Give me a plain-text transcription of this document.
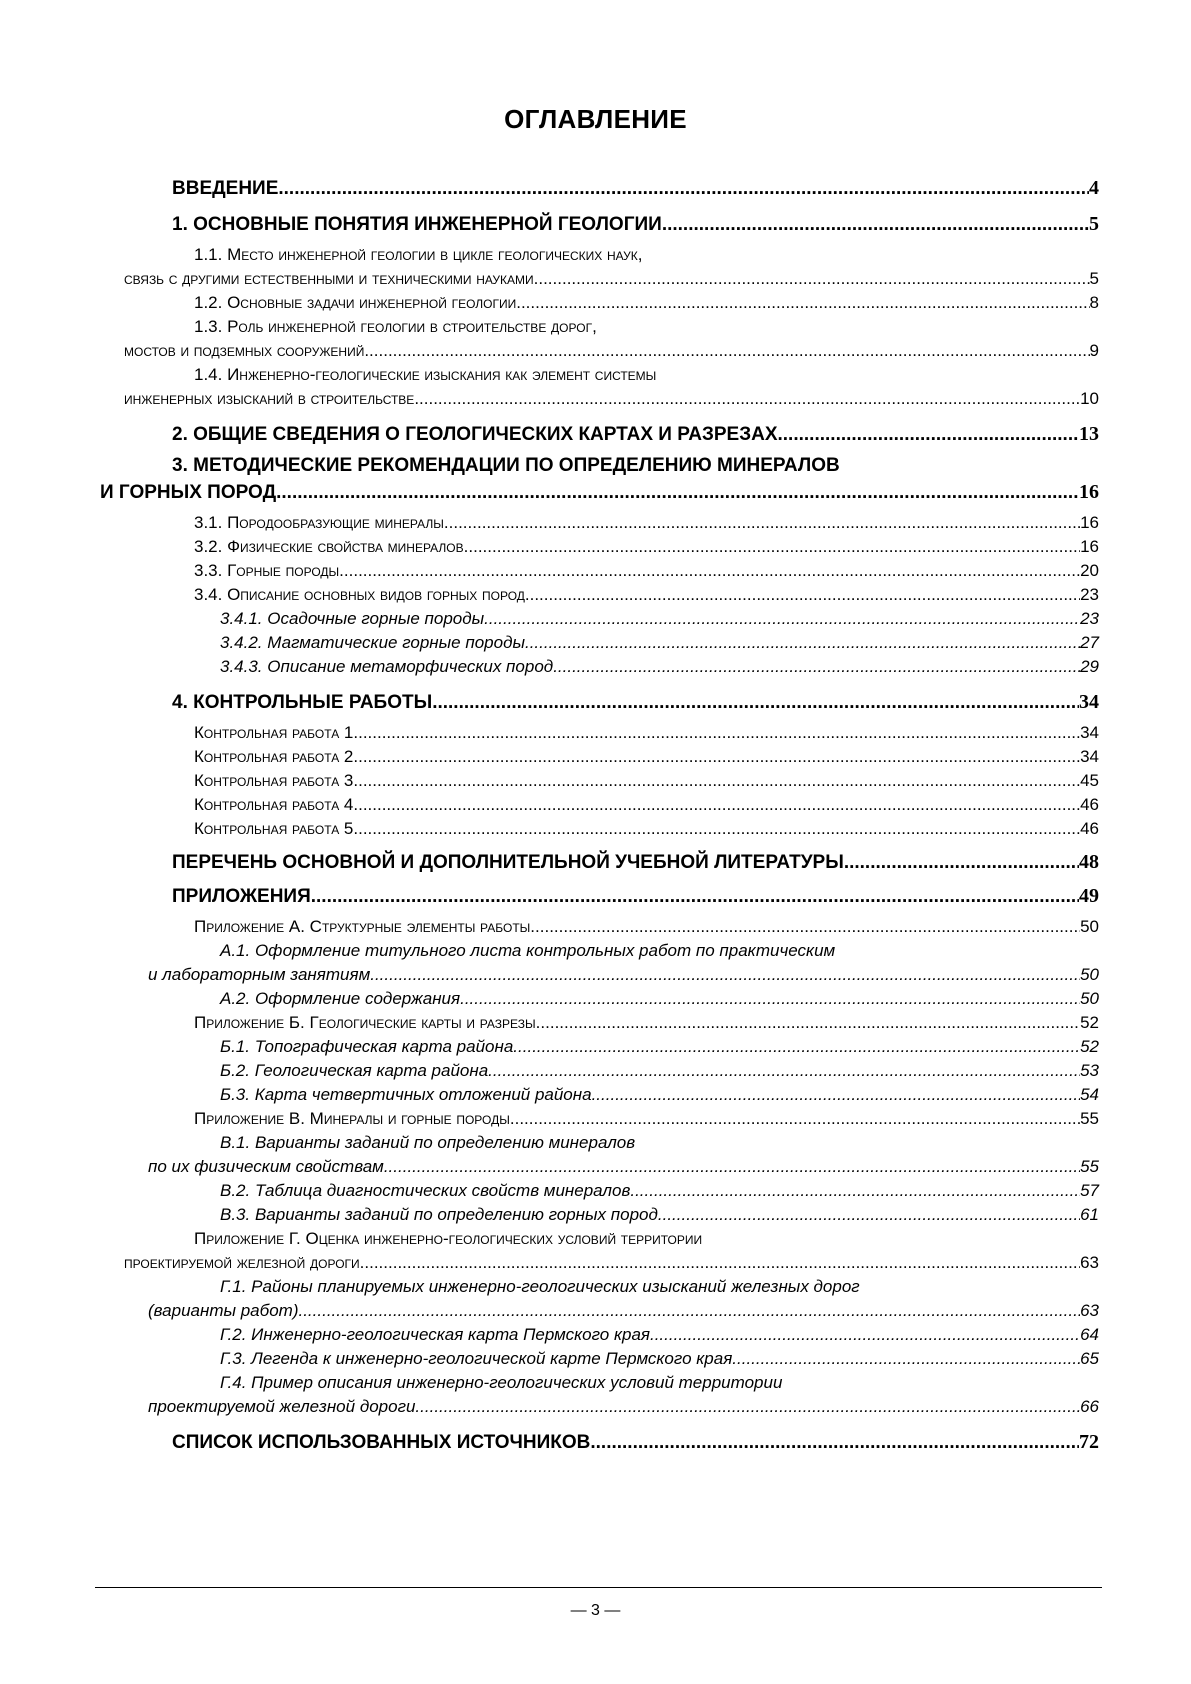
ОГЛАВЛЕНИЕ
ВВЕДЕНИЕ .....	4
1. ОСНОВНЫЕ ПОНЯТИЯ ИНЖЕНЕРНОЙ ГЕОЛОГИИ .....	5
1.1. Место инженерной геологии в цикле геологических наук,
связь с другими естественными и техническими науками .....	5
1.2. Основные задачи инженерной геологии .....	8
1.3. Роль инженерной геологии в строительстве дорог,
мостов и подземных сооружений .....	9
1.4. Инженерно-геологические изыскания как элемент системы
инженерных изысканий в строительстве .....	10
2. ОБЩИЕ СВЕДЕНИЯ О ГЕОЛОГИЧЕСКИХ КАРТАХ И РАЗРЕЗАХ .....	13
3. МЕТОДИЧЕСКИЕ РЕКОМЕНДАЦИИ ПО ОПРЕДЕЛЕНИЮ МИНЕРАЛОВ
И ГОРНЫХ ПОРОД .....	16
3.1. Породообразующие минералы .....	16
3.2. Физические свойства минералов .....	16
3.3. Горные породы .....	20
3.4. Описание основных видов горных пород .....	23
3.4.1. Осадочные горные породы .....	23
3.4.2. Магматические горные породы .....	27
3.4.3. Описание метаморфических пород .....	29
4. КОНТРОЛЬНЫЕ РАБОТЫ .....	34
Контрольная работа 1 .....	34
Контрольная работа 2 .....	34
Контрольная работа 3 .....	45
Контрольная работа 4 .....	46
Контрольная работа 5 .....	46
ПЕРЕЧЕНЬ ОСНОВНОЙ И ДОПОЛНИТЕЛЬНОЙ УЧЕБНОЙ ЛИТЕРАТУРЫ .....	48
ПРИЛОЖЕНИЯ .....	49
Приложение А. Структурные элементы работы .....	50
А.1. Оформление титульного листа контрольных работ по практическим
и лабораторным занятиям .....	50
А.2. Оформление содержания .....	50
Приложение Б. Геологические карты и разрезы .....	52
Б.1. Топографическая карта района .....	52
Б.2. Геологическая карта района .....	53
Б.3. Карта четвертичных отложений района .....	54
Приложение В. Минералы и горные породы .....	55
В.1. Варианты заданий по определению минералов
по их физическим свойствам .....	55
В.2. Таблица диагностических свойств минералов .....	57
В.3. Варианты заданий по определению горных пород .....	61
Приложение Г. Оценка инженерно-геологических условий территории
проектируемой железной дороги .....	63
Г.1. Районы планируемых инженерно-геологических изысканий железных дорог
(варианты работ) .....	63
Г.2. Инженерно-геологическая карта Пермского края .....	64
Г.3. Легенда к инженерно-геологической карте Пермского края .....	65
Г.4. Пример описания инженерно-геологических условий территории
проектируемой железной дороги .....	66
СПИСОК ИСПОЛЬЗОВАННЫХ ИСТОЧНИКОВ .....	72
— 3 —
